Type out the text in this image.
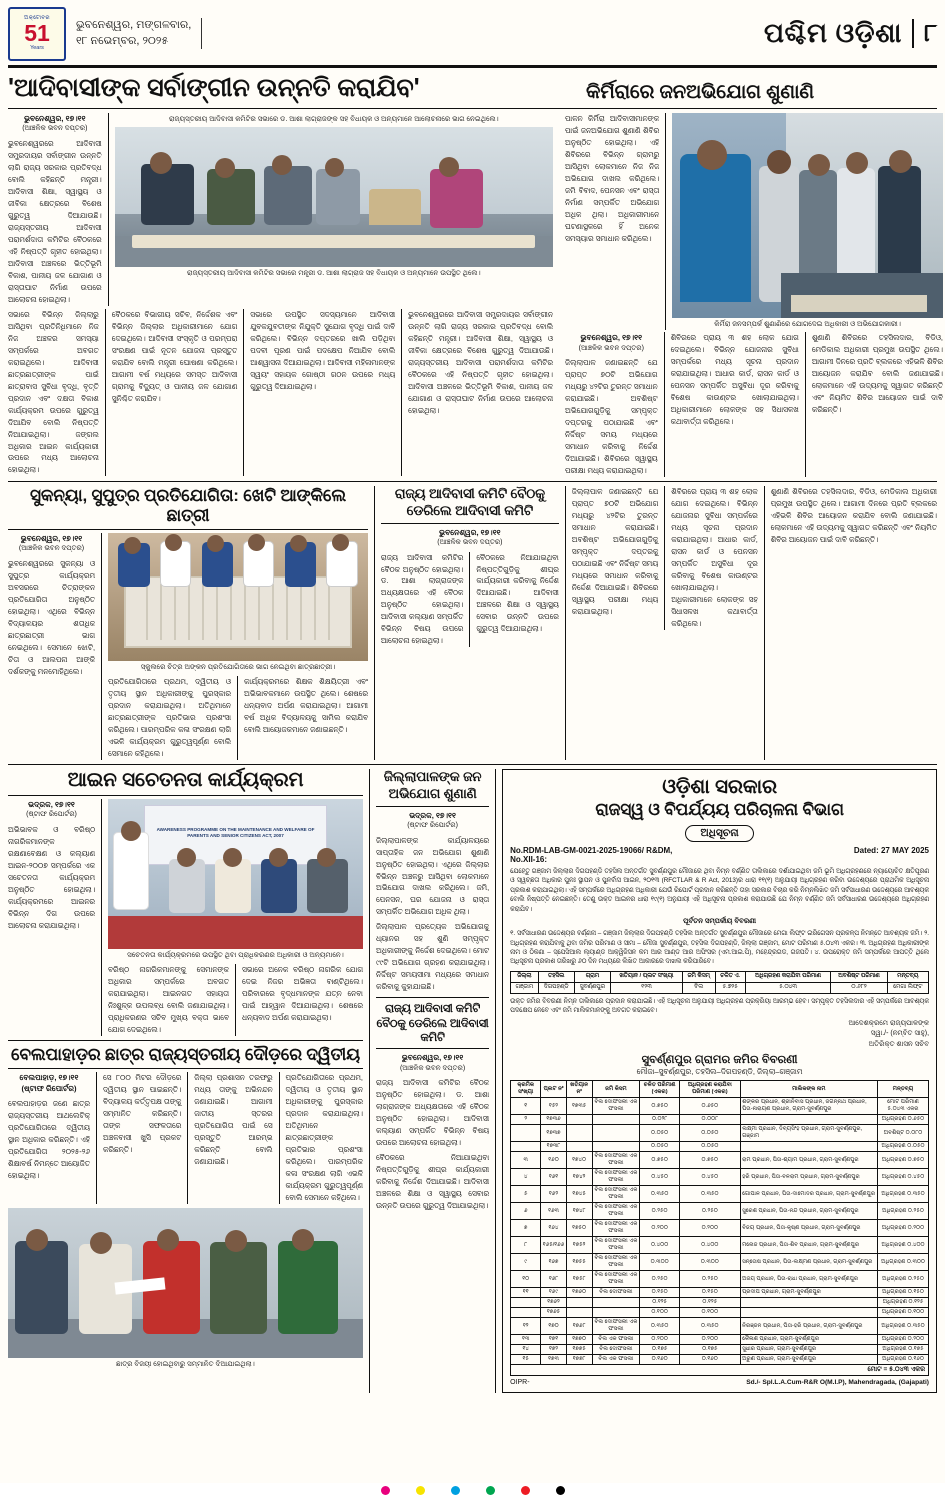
ଅକ୍ଟୋବର
51
Years
ଭୁବନେଶ୍ୱର, ମଙ୍ଗଳବାର,
୧୮ ନଭେମ୍ବର, ୨୦୨୫	ପଶ୍ଚିମ ଓଡ଼ିଶା ୮
'ଆଦିବାସୀଙ୍କ ସର୍ବାଙ୍ଗୀନ ଉନ୍ନତି କରାଯିବ'	କିର୍ମିରାରେ ଜନଅଭିଯୋଗ ଶୁଣାଣି
ଭୁବନେଶ୍ୱର, ୧୭।୧୧
(ଆଞ୍ଚଳିକ ଭବନ ଦପ୍ତର)
ଭୁବନେଶ୍ୱରରେ ଆଦିବାସୀ ସମ୍ପ୍ରଦାୟର ସର୍ବାଙ୍ଗୀନ ଉନ୍ନତି ଲାଗି ରାଜ୍ୟ ସରକାର ପ୍ରତିବଦ୍ଧ ବୋଲି କହିଛନ୍ତି ମନ୍ତ୍ରୀ। ଆଦିବାସୀ ଶିକ୍ଷା, ସ୍ୱାସ୍ଥ୍ୟ ଓ ଜୀବିକା କ୍ଷେତ୍ରରେ ବିଶେଷ ଗୁରୁତ୍ୱ ଦିଆଯାଉଛି। ରାଜ୍ୟସ୍ତରୀୟ ଆଦିବାସୀ ପରାମର୍ଶଦାତା କମିଟିର ବୈଠକରେ ଏହି ନିଷ୍ପତ୍ତି ଗୃହୀତ ହୋଇଥିଲା। ଆଦିବାସୀ ଅଞ୍ଚଳରେ ଭିତ୍ତିଭୂମି ବିକାଶ, ପାନୀୟ ଜଳ ଯୋଗାଣ ଓ ରାସ୍ତାଘାଟ ନିର୍ମାଣ ଉପରେ ଆଲୋଚନା ହୋଇଥିଲା।
ରାଜ୍ୟସ୍ତରୀୟ ଆଦିବାସୀ କମିଟିର ସଭାରେ ଡ. ଆଶା ଲାଗ୍ରାଜଙ୍କ ସହ ବିଧାୟକ ଓ ଅନ୍ୟମାନେ ଆଲୋଚନାରେ ଭାଗ ନେଇଥିଲେ।
ରାଜ୍ୟସ୍ତରୀୟ ଆଦିବାସୀ କମିଟିର ସଭାରେ ମନ୍ତ୍ରୀ ଡ. ଆଶା ଲାଗ୍ରାଜ ସହ ବିଧାୟକ ଓ ଅନ୍ୟମାନେ ଉପସ୍ଥିତ ଥିଲେ।
ସଭାରେ ବିଭିନ୍ନ ଜିଲ୍ଲାରୁ ଆସିଥିବା ପ୍ରତିନିଧିମାନେ ନିଜ ନିଜ ଅଞ୍ଚଳର ସମସ୍ୟା ସମ୍ପର୍କରେ ଅବଗତ କରାଇଥିଲେ। ଆଦିବାସୀ ଛାତ୍ରଛାତ୍ରୀଙ୍କ ପାଇଁ ଛାତ୍ରାବାସ ସୁବିଧା ବୃଦ୍ଧି, ବୃତ୍ତି ପ୍ରଦାନ ଏବଂ ଦକ୍ଷତା ବିକାଶ କାର୍ଯ୍ୟକ୍ରମ ଉପରେ ଗୁରୁତ୍ୱ ଦିଆଯିବ ବୋଲି ନିଷ୍ପତ୍ତି ନିଆଯାଇଥିଲା। ଜଙ୍ଗଲ ଅଧିକାର ଆଇନ କାର୍ଯ୍ୟକାରୀ ଉପରେ ମଧ୍ୟ ଆଲୋଚନା ହୋଇଥିଲା।
ବୈଠକରେ ବିଭାଗୀୟ ସଚିବ, ନିର୍ଦ୍ଦେଶକ ଏବଂ ବିଭିନ୍ନ ଜିଲ୍ଲାର ଅଧିକାରୀମାନେ ଯୋଗ ଦେଇଥିଲେ। ଆଦିବାସୀ ସଂସ୍କୃତି ଓ ପରମ୍ପରା ସଂରକ୍ଷଣ ପାଇଁ ନୂତନ ଯୋଜନା ପ୍ରସ୍ତୁତ କରାଯିବ ବୋଲି ମନ୍ତ୍ରୀ ଘୋଷଣା କରିଥିଲେ। ଆଗାମୀ ବର୍ଷ ମଧ୍ୟରେ ସମସ୍ତ ଆଦିବାସୀ ଗ୍ରାମକୁ ବିଦ୍ୟୁତ୍ ଓ ପାନୀୟ ଜଳ ଯୋଗାଣ ସୁନିଶ୍ଚିତ କରାଯିବ।
ସଭାରେ ଉପସ୍ଥିତ ସଦସ୍ୟମାନେ ଆଦିବାସୀ ଯୁବକଯୁବତୀଙ୍କ ନିଯୁକ୍ତି ସୁଯୋଗ ବୃଦ୍ଧି ପାଇଁ ଦାବି କରିଥିଲେ। ବିଭିନ୍ନ ଦପ୍ତରରେ ଖାଲି ପଡ଼ିଥିବା ପଦବୀ ପୂରଣ ପାଇଁ ପଦକ୍ଷେପ ନିଆଯିବ ବୋଲି ଆଶ୍ୱାସନା ଦିଆଯାଇଥିଲା। ଆଦିବାସୀ ମହିଳାମାନଙ୍କ ସ୍ୱୟଂ ସହାୟକ ଗୋଷ୍ଠୀ ଗଠନ ଉପରେ ମଧ୍ୟ ଗୁରୁତ୍ୱ ଦିଆଯାଇଥିଲା।
ଭୁବନେଶ୍ୱରରେ ଆଦିବାସୀ ସମ୍ପ୍ରଦାୟର ସର୍ବାଙ୍ଗୀନ ଉନ୍ନତି ଲାଗି ରାଜ୍ୟ ସରକାର ପ୍ରତିବଦ୍ଧ ବୋଲି କହିଛନ୍ତି ମନ୍ତ୍ରୀ। ଆଦିବାସୀ ଶିକ୍ଷା, ସ୍ୱାସ୍ଥ୍ୟ ଓ ଜୀବିକା କ୍ଷେତ୍ରରେ ବିଶେଷ ଗୁରୁତ୍ୱ ଦିଆଯାଉଛି। ରାଜ୍ୟସ୍ତରୀୟ ଆଦିବାସୀ ପରାମର୍ଶଦାତା କମିଟିର ବୈଠକରେ ଏହି ନିଷ୍ପତ୍ତି ଗୃହୀତ ହୋଇଥିଲା। ଆଦିବାସୀ ଅଞ୍ଚଳରେ ଭିତ୍ତିଭୂମି ବିକାଶ, ପାନୀୟ ଜଳ ଯୋଗାଣ ଓ ରାସ୍ତାଘାଟ ନିର୍ମାଣ ଉପରେ ଆଲୋଚନା ହୋଇଥିଲା।
ପାଳନ କିର୍ମିରା ଆଦିବାସୀମାନଙ୍କ ପାଇଁ ଜନଅଭିଯୋଗ ଶୁଣାଣି ଶିବିର ଅନୁଷ୍ଠିତ ହୋଇଥିଲା। ଏହି ଶିବିରରେ ବିଭିନ୍ନ ଗ୍ରାମରୁ ଆସିଥିବା ଲୋକମାନେ ନିଜ ନିଜ ଅଭିଯୋଗ ଦାଖଲ କରିଥିଲେ। ଜମି ବିବାଦ, ପେନସନ ଏବଂ ରାସ୍ତା ନିର୍ମାଣ ସମ୍ପର୍କିତ ଅଭିଯୋଗ ଅଧିକ ଥିଲା। ଅଧିକାରୀମାନେ ଘଟଣାସ୍ଥଳରେ ହିଁ ଅନେକ ସମସ୍ୟାର ସମାଧାନ କରିଥିଲେ।
କିର୍ମିରା ଜନସମ୍ପର୍କ ଶୁଣାଣିରେ ଯୋଗଦେଇ ଅଧିକାରୀ ଓ ଅଭିଯୋଗକାରୀ।
ଭୁବନେଶ୍ୱର, ୧୭।୧୧
(ଆଞ୍ଚଳିକ ଭବନ ଦପ୍ତର)
ଜିଲ୍ଲାପାଳ ଜଣାଇଛନ୍ତି ଯେ ପ୍ରାପ୍ତ ୭୦ଟି ଅଭିଯୋଗ ମଧ୍ୟରୁ ୪୨ଟିର ତୁରନ୍ତ ସମାଧାନ କରାଯାଇଛି। ଅବଶିଷ୍ଟ ଅଭିଯୋଗଗୁଡ଼ିକୁ ସମ୍ପୃକ୍ତ ଦପ୍ତରକୁ ପଠାଯାଇଛି ଏବଂ ନିର୍ଦ୍ଦିଷ୍ଟ ସମୟ ମଧ୍ୟରେ ସମାଧାନ କରିବାକୁ ନିର୍ଦ୍ଦେଶ ଦିଆଯାଇଛି। ଶିବିରରେ ସ୍ୱାସ୍ଥ୍ୟ ପରୀକ୍ଷା ମଧ୍ୟ କରାଯାଇଥିଲା।
ଶିବିରରେ ପ୍ରାୟ ୩ ଶହ ଲୋକ ଯୋଗ ଦେଇଥିଲେ। ବିଭିନ୍ନ ଯୋଜନାର ସୁବିଧା ସମ୍ପର୍କରେ ମଧ୍ୟ ସୂଚନା ପ୍ରଦାନ କରାଯାଇଥିଲା। ଆଧାର କାର୍ଡ, ରାସନ କାର୍ଡ ଓ ପେନସନ ସମ୍ପର୍କିତ ଅସୁବିଧା ଦୂର କରିବାକୁ ବିଶେଷ କାଉଣ୍ଟର ଖୋଲାଯାଇଥିଲା। ଅଧିକାରୀମାନେ ଲୋକଙ୍କ ସହ ସିଧାସଳଖ କଥାବାର୍ତ୍ତା କରିଥିଲେ।
ଶୁଣାଣି ଶିବିରରେ ତହସିଲଦାର, ବିଡିଓ, ମେଡିକାଲ ଅଧିକାରୀ ପ୍ରମୁଖ ଉପସ୍ଥିତ ଥିଲେ। ଆଗାମୀ ଦିନରେ ପ୍ରତି ବ୍ଲକରେ ଏହିଭଳି ଶିବିର ଆୟୋଜନ କରାଯିବ ବୋଲି ଜଣାଯାଇଛି। ଲୋକମାନେ ଏହି ଉଦ୍ୟମକୁ ସ୍ୱାଗତ କରିଛନ୍ତି ଏବଂ ନିୟମିତ ଶିବିର ଆୟୋଜନ ପାଇଁ ଦାବି କରିଛନ୍ତି।
ସୁକନ୍ୟା, ସୁପୁତ୍ର ପ୍ରତିଯୋଗିତା: ଖେଟି ଆଙ୍କିଲେ ଛାତ୍ରୀ
ଭୁବନେଶ୍ୱର, ୧୭।୧୧
(ଆଞ୍ଚଳିକ ଭବନ ଦପ୍ତର)
ଭୁବନେଶ୍ୱରରେ ସୁକନ୍ୟା ଓ ସୁପୁତ୍ର କାର୍ଯ୍ୟକ୍ରମ ଅବସରରେ ଚିତ୍ରାଙ୍କନ ପ୍ରତିଯୋଗିତା ଅନୁଷ୍ଠିତ ହୋଇଥିଲା। ଏଥିରେ ବିଭିନ୍ନ ବିଦ୍ୟାଳୟର ଶତାଧିକ ଛାତ୍ରଛାତ୍ରୀ ଭାଗ ନେଇଥିଲେ। ସେମାନେ ଝୋଟି, ଚିତା ଓ ଆଲପନା ଆଙ୍କି ଦର୍ଶକଙ୍କୁ ମନମୋହିଥିଲେ।	ସ୍କୁଲରେ ଚିତ୍ର ଅଙ୍କନ ପ୍ରତିଯୋଗିତାରେ ଭାଗ ନେଇଥିବା ଛାତ୍ରଛାତ୍ରୀ।
ପ୍ରତିଯୋଗିତାରେ ପ୍ରଥମ, ଦ୍ୱିତୀୟ ଓ ତୃତୀୟ ସ୍ଥାନ ଅଧିକାରୀଙ୍କୁ ପୁରସ୍କାର ପ୍ରଦାନ କରାଯାଇଥିଲା। ଅତିଥିମାନେ ଛାତ୍ରଛାତ୍ରୀଙ୍କ ପ୍ରତିଭାର ପ୍ରଶଂସା କରିଥିଲେ। ପାରମ୍ପରିକ କଳା ସଂରକ୍ଷଣ ଲାଗି ଏଭଳି କାର୍ଯ୍ୟକ୍ରମ ଗୁରୁତ୍ୱପୂର୍ଣ୍ଣ ବୋଲି ସେମାନେ କହିଥିଲେ।
କାର୍ଯ୍ୟକ୍ରମରେ ଶିକ୍ଷକ ଶିକ୍ଷୟିତ୍ରୀ ଏବଂ ଅଭିଭାବକମାନେ ଉପସ୍ଥିତ ଥିଲେ। ଶେଷରେ ଧନ୍ୟବାଦ ଅର୍ପଣ କରାଯାଇଥିଲା। ଆଗାମୀ ବର୍ଷ ଅଧିକ ବିଦ୍ୟାଳୟକୁ ସାମିଲ କରାଯିବ ବୋଲି ଆୟୋଜକମାନେ ଜଣାଇଛନ୍ତି।
ରାଜ୍ୟ ଆଦିବାସୀ କମିଟି ବୈଠକୁ ଡେରିଲେ ଆଦିବାସୀ କମିଟି
ଭୁବନେଶ୍ୱର, ୧୭।୧୧
(ଆଞ୍ଚଳିକ ଭବନ ଦପ୍ତର)
ରାଜ୍ୟ ଆଦିବାସୀ କମିଟିର ବୈଠକ ଅନୁଷ୍ଠିତ ହୋଇଥିଲା। ଡ. ଆଶା ଲାଗ୍ରାଜଙ୍କ ଅଧ୍ୟକ୍ଷତାରେ ଏହି ବୈଠକ ଅନୁଷ୍ଠିତ ହୋଇଥିଲା। ଆଦିବାସୀ କଲ୍ୟାଣ ସମ୍ପର୍କିତ ବିଭିନ୍ନ ବିଷୟ ଉପରେ ଆଲୋଚନା ହୋଇଥିଲା।
ବୈଠକରେ ନିଆଯାଇଥିବା ନିଷ୍ପତ୍ତିଗୁଡ଼ିକୁ ଶୀଘ୍ର କାର୍ଯ୍ୟକାରୀ କରିବାକୁ ନିର୍ଦ୍ଦେଶ ଦିଆଯାଇଛି। ଆଦିବାସୀ ଅଞ୍ଚଳରେ ଶିକ୍ଷା ଓ ସ୍ୱାସ୍ଥ୍ୟ ସେବାର ଉନ୍ନତି ଉପରେ ଗୁରୁତ୍ୱ ଦିଆଯାଇଥିଲା।
ଜିଲ୍ଲାପାଳ ଜଣାଇଛନ୍ତି ଯେ ପ୍ରାପ୍ତ ୭୦ଟି ଅଭିଯୋଗ ମଧ୍ୟରୁ ୪୨ଟିର ତୁରନ୍ତ ସମାଧାନ କରାଯାଇଛି। ଅବଶିଷ୍ଟ ଅଭିଯୋଗଗୁଡ଼ିକୁ ସମ୍ପୃକ୍ତ ଦପ୍ତରକୁ ପଠାଯାଇଛି ଏବଂ ନିର୍ଦ୍ଦିଷ୍ଟ ସମୟ ମଧ୍ୟରେ ସମାଧାନ କରିବାକୁ ନିର୍ଦ୍ଦେଶ ଦିଆଯାଇଛି। ଶିବିରରେ ସ୍ୱାସ୍ଥ୍ୟ ପରୀକ୍ଷା ମଧ୍ୟ କରାଯାଇଥିଲା।
ଶିବିରରେ ପ୍ରାୟ ୩ ଶହ ଲୋକ ଯୋଗ ଦେଇଥିଲେ। ବିଭିନ୍ନ ଯୋଜନାର ସୁବିଧା ସମ୍ପର୍କରେ ମଧ୍ୟ ସୂଚନା ପ୍ରଦାନ କରାଯାଇଥିଲା। ଆଧାର କାର୍ଡ, ରାସନ କାର୍ଡ ଓ ପେନସନ ସମ୍ପର୍କିତ ଅସୁବିଧା ଦୂର କରିବାକୁ ବିଶେଷ କାଉଣ୍ଟର ଖୋଲାଯାଇଥିଲା। ଅଧିକାରୀମାନେ ଲୋକଙ୍କ ସହ ସିଧାସଳଖ କଥାବାର୍ତ୍ତା କରିଥିଲେ।
ଶୁଣାଣି ଶିବିରରେ ତହସିଲଦାର, ବିଡିଓ, ମେଡିକାଲ ଅଧିକାରୀ ପ୍ରମୁଖ ଉପସ୍ଥିତ ଥିଲେ। ଆଗାମୀ ଦିନରେ ପ୍ରତି ବ୍ଲକରେ ଏହିଭଳି ଶିବିର ଆୟୋଜନ କରାଯିବ ବୋଲି ଜଣାଯାଇଛି। ଲୋକମାନେ ଏହି ଉଦ୍ୟମକୁ ସ୍ୱାଗତ କରିଛନ୍ତି ଏବଂ ନିୟମିତ ଶିବିର ଆୟୋଜନ ପାଇଁ ଦାବି କରିଛନ୍ତି।
ଆଇନ ସଚେତନତା କାର୍ଯ୍ୟକ୍ରମ
ଭଦ୍ରକ, ୧୭।୧୧
(ଷ୍ଟାଫ ରିପୋର୍ଟର)
ଅଭିଭାବକ ଓ ବରିଷ୍ଠ ନାଗରିକମାନଙ୍କ ରକ୍ଷଣାବେକ୍ଷଣ ଓ କଲ୍ୟାଣ ଆଇନ-୨୦୦୭ ସମ୍ପର୍କରେ ଏକ ସଚେତନତା କାର୍ଯ୍ୟକ୍ରମ ଅନୁଷ୍ଠିତ ହୋଇଥିଲା। କାର୍ଯ୍ୟକ୍ରମରେ ଆଇନର ବିଭିନ୍ନ ଦିଗ ଉପରେ ଆଲୋଚନା କରାଯାଇଥିଲା।
AWARENESS PROGRAMME ON THE MAINTENANCE AND WELFARE OF PARENTS AND SENIOR CITIZENS ACT, 2007
ସଚେତନତା କାର୍ଯ୍ୟକ୍ରମରେ ଉପସ୍ଥିତ ଥିବା ପ୍ରାଧିକରଣର ଅଧିକାରୀ ଓ ଅନ୍ୟମାନେ।
ବରିଷ୍ଠ ନାଗରିକମାନଙ୍କୁ ସେମାନଙ୍କ ଅଧିକାର ସମ୍ପର୍କରେ ଅବଗତ କରାଯାଇଥିଲା। ଆଇନଗତ ସହାୟତା ନିଃଶୁଳ୍କ ଉପଲବ୍ଧ ବୋଲି ଜଣାଯାଇଥିଲା। ପ୍ରାଧିକରଣର ସଚିବ ମୁଖ୍ୟ ବକ୍ତା ଭାବେ ଯୋଗ ଦେଇଥିଲେ।
ସଭାରେ ଅନେକ ବରିଷ୍ଠ ନାଗରିକ ଯୋଗ ଦେଇ ନିଜର ଅଭିଜ୍ଞତା ବାଣ୍ଟିଥିଲେ। ପରିବାରରେ ବୃଦ୍ଧମାନଙ୍କ ଯତ୍ନ ନେବା ପାଇଁ ଆହ୍ୱାନ ଦିଆଯାଇଥିଲା। ଶେଷରେ ଧନ୍ୟବାଦ ଅର୍ପଣ କରାଯାଇଥିଲା।
ବେଲପାହାଡ଼ର ଛାତ୍ର ରାଜ୍ୟସ୍ତରୀୟ ଦୌଡ଼ରେ ଦ୍ୱିତୀୟ
ବେଲପାହାଡ଼, ୧୭।୧୧ (ଷ୍ଟାଫ ରିପୋର୍ଟର)
ବେଲପାହାଡ଼ର ଜଣେ ଛାତ୍ର ରାଜ୍ୟସ୍ତରୀୟ ଆଥଲେଟିକ୍ ପ୍ରତିଯୋଗିତାରେ ଦ୍ୱିତୀୟ ସ୍ଥାନ ଅଧିକାର କରିଛନ୍ତି। ଏହି ପ୍ରତିଯୋଗିତା ୨୦୨୫-୨୬ ଶିକ୍ଷାବର୍ଷ ନିମନ୍ତେ ଆୟୋଜିତ ହୋଇଥିଲା।
ସେ ୮୦୦ ମିଟର ଦୌଡ଼ରେ ଦ୍ୱିତୀୟ ସ୍ଥାନ ପାଇଛନ୍ତି। ବିଦ୍ୟାଳୟ କର୍ତ୍ତୃପକ୍ଷ ତାଙ୍କୁ ସମ୍ମାନିତ କରିଛନ୍ତି। ତାଙ୍କ ସଫଳତାରେ ଅଞ୍ଚଳବାସୀ ଖୁସି ପ୍ରକଟ କରିଛନ୍ତି।
ଜିଲ୍ଲା ପ୍ରଶାସନ ତରଫରୁ ମଧ୍ୟ ତାଙ୍କୁ ଅଭିନନ୍ଦନ ଜଣାଯାଇଛି। ଆଗାମୀ ଜାତୀୟ ସ୍ତରର ପ୍ରତିଯୋଗିତା ପାଇଁ ସେ ପ୍ରସ୍ତୁତି ଆରମ୍ଭ କରିଛନ୍ତି ବୋଲି ଜଣାଯାଇଛି।
ପ୍ରତିଯୋଗିତାରେ ପ୍ରଥମ, ଦ୍ୱିତୀୟ ଓ ତୃତୀୟ ସ୍ଥାନ ଅଧିକାରୀଙ୍କୁ ପୁରସ୍କାର ପ୍ରଦାନ କରାଯାଇଥିଲା। ଅତିଥିମାନେ ଛାତ୍ରଛାତ୍ରୀଙ୍କ ପ୍ରତିଭାର ପ୍ରଶଂସା କରିଥିଲେ। ପାରମ୍ପରିକ କଳା ସଂରକ୍ଷଣ ଲାଗି ଏଭଳି କାର୍ଯ୍ୟକ୍ରମ ଗୁରୁତ୍ୱପୂର୍ଣ୍ଣ ବୋଲି ସେମାନେ କହିଥିଲେ।
ଛାତ୍ର ବିଜୟୀ ହୋଇଥିବାରୁ ସମ୍ମାନିତ ଦିଆଯାଇଥିଲା।
ଜିଲ୍ଲାପାଳଙ୍କ ଜନ ଅଭିଯୋଗ ଶୁଣାଣି
ଭଦ୍ରକ, ୧୭।୧୧
(ଷ୍ଟାଫ ରିପୋର୍ଟର)
ଜିଲ୍ଲାପାଳଙ୍କ କାର୍ଯ୍ୟାଳୟରେ ସାପ୍ତାହିକ ଜନ ଅଭିଯୋଗ ଶୁଣାଣି ଅନୁଷ୍ଠିତ ହୋଇଥିଲା। ଏଥିରେ ଜିଲ୍ଲାର ବିଭିନ୍ନ ଅଞ୍ଚଳରୁ ଆସିଥିବା ଲୋକମାନେ ଅଭିଯୋଗ ଦାଖଲ କରିଥିଲେ। ଜମି, ପେନସନ, ଘର ଯୋଜନା ଓ ରାସ୍ତା ସମ୍ପର୍କିତ ଅଭିଯୋଗ ଅଧିକ ଥିଲା।
ଜିଲ୍ଲାପାଳ ପ୍ରତ୍ୟେକ ଅଭିଯୋଗକୁ ଧ୍ୟାନର ସହ ଶୁଣି ସମ୍ପୃକ୍ତ ଅଧିକାରୀଙ୍କୁ ନିର୍ଦ୍ଦେଶ ଦେଇଥିଲେ। ମୋଟ ୯୯ଟି ଅଭିଯୋଗ ଗ୍ରହଣ କରାଯାଇଥିଲା। ନିର୍ଦ୍ଦିଷ୍ଟ ସମୟସୀମା ମଧ୍ୟରେ ସମାଧାନ କରିବାକୁ କୁହାଯାଇଛି।
ରାଜ୍ୟ ଆଦିବାସୀ କମିଟି ବୈଠକୁ ଡେରିଲେ ଆଦିବାସୀ କମିଟି
ଭୁବନେଶ୍ୱର, ୧୭।୧୧
(ଆଞ୍ଚଳିକ ଭବନ ଦପ୍ତର)
ରାଜ୍ୟ ଆଦିବାସୀ କମିଟିର ବୈଠକ ଅନୁଷ୍ଠିତ ହୋଇଥିଲା। ଡ. ଆଶା ଲାଗ୍ରାଜଙ୍କ ଅଧ୍ୟକ୍ଷତାରେ ଏହି ବୈଠକ ଅନୁଷ୍ଠିତ ହୋଇଥିଲା। ଆଦିବାସୀ କଲ୍ୟାଣ ସମ୍ପର୍କିତ ବିଭିନ୍ନ ବିଷୟ ଉପରେ ଆଲୋଚନା ହୋଇଥିଲା।
ବୈଠକରେ ନିଆଯାଇଥିବା ନିଷ୍ପତ୍ତିଗୁଡ଼ିକୁ ଶୀଘ୍ର କାର୍ଯ୍ୟକାରୀ କରିବାକୁ ନିର୍ଦ୍ଦେଶ ଦିଆଯାଇଛି। ଆଦିବାସୀ ଅଞ୍ଚଳରେ ଶିକ୍ଷା ଓ ସ୍ୱାସ୍ଥ୍ୟ ସେବାର ଉନ୍ନତି ଉପରେ ଗୁରୁତ୍ୱ ଦିଆଯାଇଥିଲା।
ଓଡ଼ିଶା ସରକାର
ରାଜସ୍ୱ ଓ ବିପର୍ଯ୍ୟୟ ପରିଚାଳନା ବିଭାଗ
ଅଧିସୂଚନା
No.RDM-LAB-GM-0021-2025-19066/ R&DM,	Dated: 27 MAY 2025
No.XII-16:
ଯେହେତୁ ଗଞ୍ଜାମ ଜିଲ୍ଲାର ଦିଗପହଣ୍ଡି ତହସିଲ ଅନ୍ତର୍ଗତ ସୁବର୍ଣ୍ଣପୁର ମୌଜାରେ ଥିବା ନିମ୍ନ ବର୍ଣ୍ଣିତ ତାଲିକାରେ ଦର୍ଶାଯାଇଥିବା ଜମି ଭୂମି ଅଧିଗ୍ରହଣରେ ନ୍ୟାୟୋଚିତ କ୍ଷତିପୂରଣ ଓ ସ୍ୱଚ୍ଛତା ଅଧିକାର ପୁନଃ ସ୍ଥାପନ ଓ ପୁନର୍ବାସ ଆଇନ, ୨୦୧୩ (RFCTLAR & R Act, 2013)ର ଧାରା ୧୧(୧) ଅନୁଯାୟୀ ଅଧିଗ୍ରହଣ କରିବା ଉଦ୍ଦେଶ୍ୟରେ ପ୍ରାଥମିକ ଅଧିସୂଚନା ପ୍ରକାଶ କରାଯାଇଥିଲା। ଏହି ସମ୍ପର୍କରେ ଅଧିଗ୍ରହଣ ଅଧିକାରୀ ଯେଉଁ ରିପୋର୍ଟ ପ୍ରଦାନ କରିଛନ୍ତି ତାହା ସରକାର ବିଚାର କରି ନିମ୍ନଲିଖିତ ଜମି ସର୍ବସାଧାରଣ ଉଦ୍ଦେଶ୍ୟରେ ଆବଶ୍ୟକ ବୋଲି ନିଷ୍ପତ୍ତି ନେଇଛନ୍ତି। ତେଣୁ ଉକ୍ତ ଆଇନର ଧାରା ୧୯(୧) ଅନୁଯାୟୀ ଏହି ଅଧିସୂଚନା ପ୍ରକାଶ କରାଯାଉଛି ଯେ ନିମ୍ନ ବର୍ଣ୍ଣିତ ଜମି ସର୍ବସାଧାରଣ ଉଦ୍ଦେଶ୍ୟରେ ଅଧିଗ୍ରହଣ କରାଯିବ।
ପୂର୍ବତନ ସମ୍ପର୍କୀୟ ବିବରଣୀ
୧. ସର୍ବସାଧାରଣ ଉଦ୍ଦେଶ୍ୟର ବର୍ଣ୍ଣନା – ଗଞ୍ଜାମ ଜିଲ୍ଲାର ଦିଗପହଣ୍ଡି ତହସିଲ ଅନ୍ତର୍ଗତ ସୁବର୍ଣ୍ଣପୁର ମୌଜାରେ ମେଗା ଲିଫ୍ଟ ଇରିଗେସନ ପ୍ରକଳ୍ପ ନିମନ୍ତେ ଆବଶ୍ୟକ ଜମି। ୨. ଅଧିଗ୍ରହଣ କରାଯିବାକୁ ଥିବା ଜମିର ପରିମାଣ ଓ ସୀମା – ମୌଜା ସୁବର୍ଣ୍ଣପୁର, ତହସିଲ ଦିଗପହଣ୍ଡି, ଜିଲ୍ଲା ଗଞ୍ଜାମ, ମୋଟ ପରିମାଣ ୫.୦୪୩ ଏକର। ୩. ଅଧିଗ୍ରହଣ ଅଧିକାରୀଙ୍କ ନାମ ଓ ଠିକଣା – ସ୍ପେସିଆଲ ଲ୍ୟାଣ୍ଡ ଆକ୍ୱିଜିସନ କମ ଆର ଆଣ୍ଡ ଆର ଅଫିସର (ଏମ.ଆଇ.ପି), ମହେନ୍ଦ୍ରଗଡ, ଗଜପତି। ୪. ଉପରୋକ୍ତ ଜମି ସମ୍ପର୍କରେ ଆପତ୍ତି ଥିଲେ ଅଧିସୂଚନା ପ୍ରକାଶ ତାରିଖରୁ ୬୦ ଦିନ ମଧ୍ୟରେ ଲିଖିତ ଆକାରରେ ଦାଖଲ କରିପାରିବେ।
ଜିଲ୍ଲା	ତହସିଲ	ଗ୍ରାମ	ଖତିୟାନ / ପ୍ଲଟ ସଂଖ୍ୟା	ଜମି କିସମ୍	ଚଳିତ ଏ.	ଅଧିଗ୍ରହଣ କରାଯିବା ପରିମାଣ	ଅବଶିଷ୍ଟ ପରିମାଣ	ମନ୍ତବ୍ୟ
ଗଞ୍ଜାମ	ଦିଗପହଣ୍ଡି	ସୁବର୍ଣ୍ଣପୁର	୧୨୩	ବିଲ	୫.୭୨୫	୫.୦୪୩	୦.୬୮୨	ମେଗା ଲିଫ୍ଟ
ଉକ୍ତ ଜମିର ବିବରଣୀ ନିମ୍ନ ତାଲିକାରେ ପ୍ରଦାନ କରାଯାଇଛି। ଏହି ଅଧିସୂଚନା ଅନୁଯାୟୀ ଅଧିଗ୍ରହଣ ପ୍ରକ୍ରିୟା ଆରମ୍ଭ ହେବ। ସମ୍ପୃକ୍ତ ତହସିଲଦାର ଏହି ସମ୍ପର୍କରେ ଆବଶ୍ୟକ ପଦକ୍ଷେପ ନେବେ ଏବଂ ଜମି ମାଲିକମାନଙ୍କୁ ଅବଗତ କରାଇବେ।
ଆଦେଶକ୍ରମେ ରାଜ୍ୟପାଳଙ୍କ
ସ୍ୱା./- (ନମ୍ବିତ ସାହୁ),
ଅତିରିକ୍ତ ଶାସନ ସଚିବ
ସୁବର୍ଣ୍ଣପୁର ଗ୍ରାମର ଜମିର ବିବରଣୀ
ମୌଜା–ସୁବର୍ଣ୍ଣପୁର, ତହସିଲ–ଦିଗପହଣ୍ଡି, ଜିଲ୍ଲା–ଗଞ୍ଜାମ
କ୍ରମିକ ସଂଖ୍ୟା	ପ୍ଲଟ ନଂ	ଖତିୟାନ ନଂ	ଜମି କିସମ	ଚଳିତ ପରିମାଣ (ଏକର)	ଅଧିଗ୍ରହଣ କରାଯିବା ପରିମାଣ (ଏକର)	ମାଲିକଙ୍କ ନାମ	ମନ୍ତବ୍ୟ
୧	୧୫୨	୧୭୩୫	ବିଲ ଦୋଫସଲୀ ଏକ ଫସଲୀ	୦.୭୫୦	୦.୬୫୦	ଶଙ୍କର ପ୍ରଧାନ, ଶ୍ରୀନିବାସ ପ୍ରଧାନ, ଜଗନ୍ନାଥ ପ୍ରଧାନ, ପିତା-ନାରାୟଣ ପ୍ରଧାନ, ଗ୍ରାମ-ସୁବର୍ଣ୍ଣପୁର	ମୋଟ ପରିମାଣ ୫.୦୪୩ ଏକର
୨	୧୭୩୬			୦.୦୨୮	୦.୦୦୮		ଅଧିଗ୍ରହଣ ୦.୬୫୦
	୧୭୩୭			୦.୦୫୦	୦.୦୫୦	ଲକ୍ଷ୍ମୀ ପ୍ରଧାନ, ଦିବ୍ୟସିଂହ ପ୍ରଧାନ, ଗ୍ରାମ-ସୁବର୍ଣ୍ଣପୁର, ଗଞ୍ଜାମ	ଅବଶିଷ୍ଟ ୦.୦୮୦
	୧୭୩୮			୦.୦୫୦	୦.୦୫୦		ଅଧିଗ୍ରହଣ ୦.୦୫୦
୩	୧୬୦	୧୭୪୦	ବିଲ ଦୋଫସଲୀ ଏକ ଫସଲୀ	୦.୭୫୦	୦.୭୫୦	ରାମ ପ୍ରଧାନ, ପିତା-ଶ୍ୟାମ ପ୍ରଧାନ, ଗ୍ରାମ-ସୁବର୍ଣ୍ଣପୁର	ଅଧିଗ୍ରହଣ ୦.୭୫୦
୪	୧୬୧	୧୭୪୨	ବିଲ ଦୋଫସଲୀ ଏକ ଫସଲୀ	୦.୪୫୦	୦.୪୫୦	ହରି ପ୍ରଧାନ, ପିତା-ବଳରାମ ପ୍ରଧାନ, ଗ୍ରାମ-ସୁବର୍ଣ୍ଣପୁର	ଅଧିଗ୍ରହଣ ୦.୪୫୦
୫	୧୬୨	୧୭୪୫	ବିଲ ଦୋଫସଲୀ ଏକ ଫସଲୀ	୦.୩୫୦	୦.୩୫୦	ଗୋପାଳ ପ୍ରଧାନ, ପିତା-ଦାମୋଦର ପ୍ରଧାନ, ଗ୍ରାମ-ସୁବର୍ଣ୍ଣପୁର	ଅଧିଗ୍ରହଣ ୦.୩୫୦
୬	୧୬୩	୧୭୪୮	ବିଲ ଦୋଫସଲୀ ଏକ ଫସଲୀ	୦.୨୫୦	୦.୨୫୦	ସୁରେଶ ପ୍ରଧାନ, ପିତା-ନନ୍ଦ ପ୍ରଧାନ, ଗ୍ରାମ-ସୁବର୍ଣ୍ଣପୁର	ଅଧିଗ୍ରହଣ ୦.୨୫୦
୭	୧୬୪	୧୭୫୦	ବିଲ ଦୋଫସଲୀ ଏକ ଫସଲୀ	୦.୨୦୦	୦.୨୦୦	ବିଜୟ ପ୍ରଧାନ, ପିତା-କୃଷ୍ଣ ପ୍ରଧାନ, ଗ୍ରାମ-ସୁବର୍ଣ୍ଣପୁର	ଅଧିଗ୍ରହଣ ୦.୨୦୦
୮	୧୬୫/୧୬୬	୧୭୫୨	ବିଲ ଦୋଫସଲୀ ଏକ ଫସଲୀ	୦.୪୦୦	୦.୪୦୦	ମନୋଜ ପ୍ରଧାନ, ପିତା-ଶିବ ପ୍ରଧାନ, ଗ୍ରାମ-ସୁବର୍ଣ୍ଣପୁର	ଅଧିଗ୍ରହଣ ୦.୪୦୦
୯	୧୬୭	୧୭୫୫	ବିଲ ଦୋଫସଲୀ ଏକ ଫସଲୀ	୦.୩୦୦	୦.୩୦୦	ସନ୍ତୋଷ ପ୍ରଧାନ, ପିତା-ଲକ୍ଷ୍ମଣ ପ୍ରଧାନ, ଗ୍ରାମ-ସୁବର୍ଣ୍ଣପୁର	ଅଧିଗ୍ରହଣ ୦.୩୦୦
୧୦	୧୬୮	୧୭୫୮	ବିଲ ଦୋଫସଲୀ ଏକ ଫସଲୀ	୦.୨୫୦	୦.୨୫୦	ଅଜୟ ପ୍ରଧାନ, ପିତା-ରାଧା ପ୍ରଧାନ, ଗ୍ରାମ-ସୁବର୍ଣ୍ଣପୁର	ଅଧିଗ୍ରହଣ ୦.୨୫୦
୧୧	୧୬୯	୧୭୬୦	ବିଲ ଦୋଫସଲୀ	୦.୧୫୦	୦.୧୫୦	ପ୍ରଦୀପ ପ୍ରଧାନ, ଗ୍ରାମ-ସୁବର୍ଣ୍ଣପୁର	ଅଧିଗ୍ରହଣ ୦.୧୫୦
	୧୭୬୨			୦.୧୨୫	୦.୧୨୫		ଅଧିଗ୍ରହଣ ୦.୧୨୫
	୧୭୬୫			୦.୧୦୦	୦.୧୦୦		ଅଧିଗ୍ରହଣ ୦.୧୦୦
୧୨	୧୭୦	୧୭୬୮	ବିଲ ଦୋଫସଲୀ ଏକ ଫସଲୀ	୦.୩୫୦	୦.୩୫୦	ନିରଞ୍ଜନ ପ୍ରଧାନ, ପିତା-ହରି ପ୍ରଧାନ, ଗ୍ରାମ-ସୁବର୍ଣ୍ଣପୁର	ଅଧିଗ୍ରହଣ ୦.୩୫୦
୧୩	୧୭୧	୧୭୭୦	ବିଲ ଏକ ଫସଲୀ	୦.୨୦୦	୦.୨୦୦	କୈଳାଶ ପ୍ରଧାନ, ଗ୍ରାମ-ସୁବର୍ଣ୍ଣପୁର	ଅଧିଗ୍ରହଣ ୦.୨୦୦
୧୪	୧୭୨	୧୭୭୫	ବିଲ ଦୋଫସଲୀ	୦.୧୭୫	୦.୧୭୫	ସୁଧୀର ପ୍ରଧାନ, ଗ୍ରାମ-ସୁବର୍ଣ୍ଣପୁର	ଅଧିଗ୍ରହଣ ୦.୧୭୫
୧୫	୧୭୩	୧୭୭୮	ବିଲ ଏକ ଫସଲୀ	୦.୧୬୦	୦.୧୬୦	ଅରୁଣ ପ୍ରଧାନ, ଗ୍ରାମ-ସୁବର୍ଣ୍ଣପୁର	ଅଧିଗ୍ରହଣ ୦.୧୬୦
ମୋଟ = ୫.୦୪୩ ଏକର
OIPR-	Sd./- Spl.L.A.Cum-R&R O(M.I.P), Mahendragada, (Gajapati)
